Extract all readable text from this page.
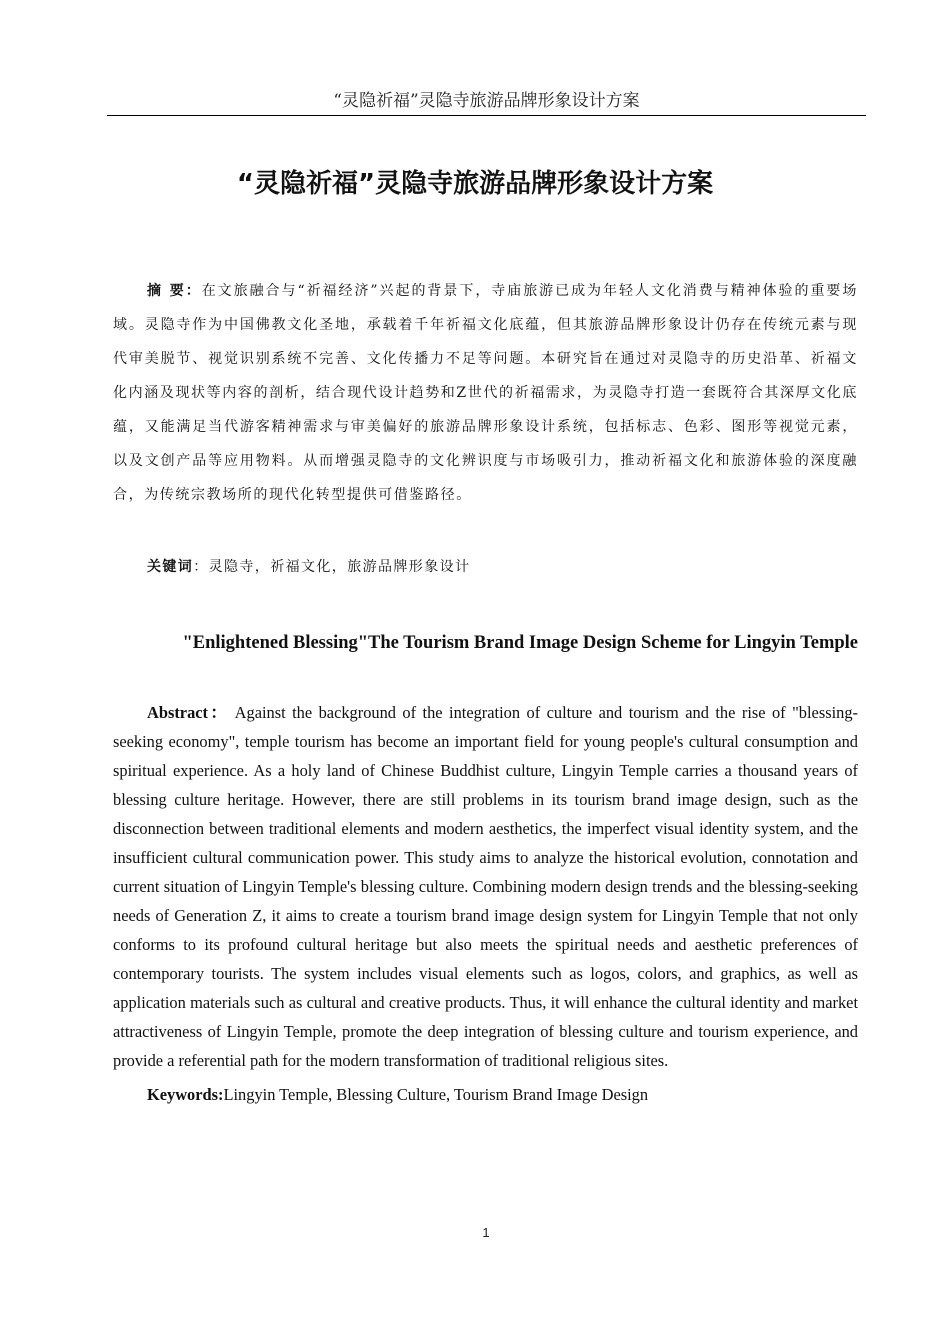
“灵隐祈福”灵隐寺旅游品牌形象设计方案
“灵隐祈福”灵隐寺旅游品牌形象设计方案

摘 要：在文旅融合与“祈福经济”兴起的背景下，寺庙旅游已成为年轻人文化消费与精神体验的重要场域。灵隐寺作为中国佛教文化圣地，承载着千年祈福文化底蕴，但其旅游品牌形象设计仍存在传统元素与现代审美脱节、视觉识别系统不完善、文化传播力不足等问题。本研究旨在通过对灵隐寺的历史沿革、祈福文化内涵及现状等内容的剖析，结合现代设计趋势和Z世代的祈福需求，为灵隐寺打造一套既符合其深厚文化底蕴，又能满足当代游客精神需求与审美偏好的旅游品牌形象设计系统，包括标志、色彩、图形等视觉元素，以及文创产品等应用物料。从而增强灵隐寺的文化辨识度与市场吸引力，推动祈福文化和旅游体验的深度融合，为传统宗教场所的现代化转型提供可借鉴路径。

关键词：灵隐寺，祈福文化，旅游品牌形象设计

"Enlightened Blessing"The Tourism Brand Image Design Scheme for Lingyin Temple

Abstract： Against the background of the integration of culture and tourism and the rise of "blessing-seeking economy", temple tourism has become an important field for young people's cultural consumption and spiritual experience. As a holy land of Chinese Buddhist culture, Lingyin Temple carries a thousand years of blessing culture heritage. However, there are still problems in its tourism brand image design, such as the disconnection between traditional elements and modern aesthetics, the imperfect visual identity system, and the insufficient cultural communication power. This study aims to analyze the historical evolution, connotation and current situation of Lingyin Temple's blessing culture. Combining modern design trends and the blessing-seeking needs of Generation Z, it aims to create a tourism brand image design system for Lingyin Temple that not only conforms to its profound cultural heritage but also meets the spiritual needs and aesthetic preferences of contemporary tourists. The system includes visual elements such as logos, colors, and graphics, as well as application materials such as cultural and creative products. Thus, it will enhance the cultural identity and market attractiveness of Lingyin Temple, promote the deep integration of blessing culture and tourism experience, and provide a referential path for the modern transformation of traditional religious sites.

Keywords:Lingyin Temple, Blessing Culture, Tourism Brand Image Design

1
